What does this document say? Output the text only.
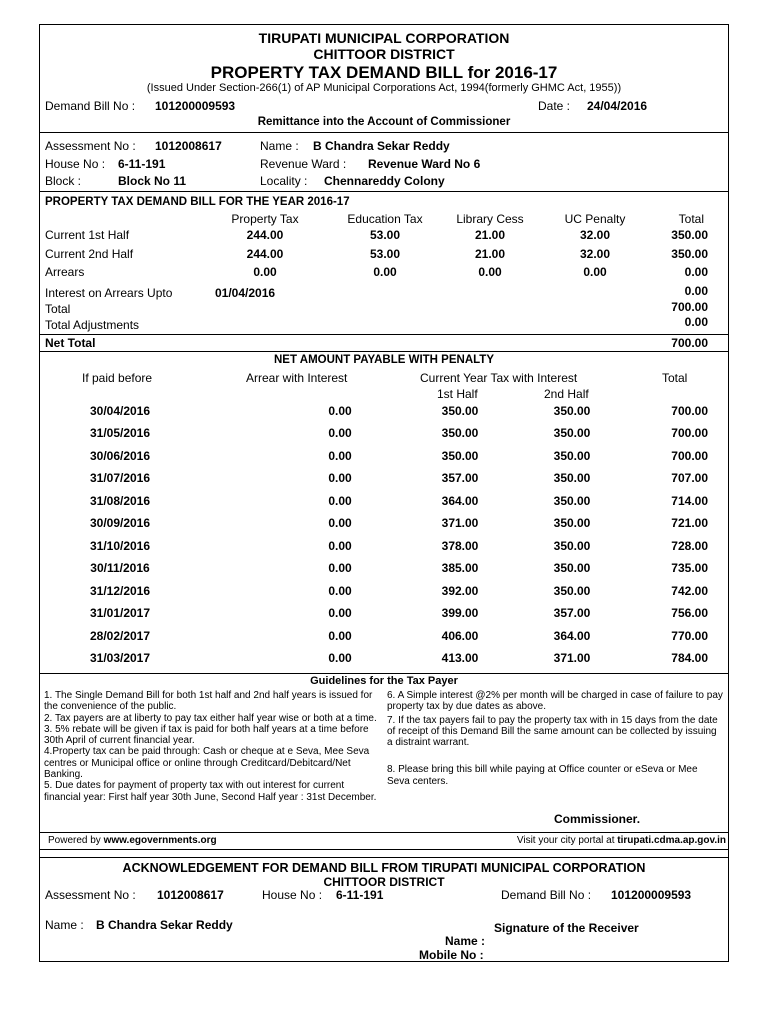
TIRUPATI MUNICIPAL CORPORATION
CHITTOOR DISTRICT
PROPERTY TAX DEMAND BILL for 2016-17
(Issued Under Section-266(1) of AP Municipal Corporations Act, 1994(formerly GHMC Act, 1955))
Demand Bill No : 101200009593	Date : 24/04/2016
Remittance into the Account of Commissioner
Assessment No : 1012008617	Name : B Chandra Sekar Reddy
House No : 6-11-191	Revenue Ward : Revenue Ward No 6
Block :	Block No 11	Locality : Chennareddy Colony
PROPERTY TAX DEMAND BILL FOR THE YEAR 2016-17
Property Tax	Education Tax	Library Cess	UC Penalty	Total
Current 1st Half	244.00	53.00	21.00	32.00	350.00
Current 2nd Half	244.00	53.00	21.00	32.00	350.00
Arrears	0.00	0.00	0.00	0.00	0.00
Interest on Arrears Upto	01/04/2016	0.00
Total	700.00
Total Adjustments	0.00
Net Total	700.00
NET AMOUNT PAYABLE WITH PENALTY
If paid before	Arrear with Interest	Current Year Tax with Interest	Total
1st Half	2nd Half
30/04/2016	0.00	350.00	350.00	700.00
31/05/2016	0.00	350.00	350.00	700.00
30/06/2016	0.00	350.00	350.00	700.00
31/07/2016	0.00	357.00	350.00	707.00
31/08/2016	0.00	364.00	350.00	714.00
30/09/2016	0.00	371.00	350.00	721.00
31/10/2016	0.00	378.00	350.00	728.00
30/11/2016	0.00	385.00	350.00	735.00
31/12/2016	0.00	392.00	350.00	742.00
31/01/2017	0.00	399.00	357.00	756.00
28/02/2017	0.00	406.00	364.00	770.00
31/03/2017	0.00	413.00	371.00	784.00
Guidelines for the Tax Payer
1. The Single Demand Bill for both 1st half and 2nd half years is issued for the convenience of the public.
2. Tax payers are at liberty to pay tax either half year wise or both at a time.
3. 5% rebate will be given if tax is paid for both half years at a time before 30th April of current financial year.
4.Property tax can be paid through: Cash or cheque at e Seva, Mee Seva centres or Municipal office or online through Creditcard/Debitcard/Net Banking.
5. Due dates for payment of property tax with out interest for current financial year: First half year 30th June, Second Half year : 31st December.
6. A Simple interest @2% per month will be charged in case of failure to pay property tax by due dates as above.
7. If the tax payers fail to pay the property tax with in 15 days from the date of receipt of this Demand Bill the same amount can be collected by issuing a distraint warrant.
8. Please bring this bill while paying at Office counter or eSeva or Mee Seva centers.
Commissioner.
Powered by www.egovernments.org	Visit your city portal at tirupati.cdma.ap.gov.in
ACKNOWLEDGEMENT FOR DEMAND BILL FROM TIRUPATI MUNICIPAL CORPORATION
CHITTOOR DISTRICT
Assessment No : 1012008617	House No : 6-11-191	Demand Bill No : 101200009593
Name : B Chandra Sekar Reddy	Signature of the Receiver
Name :
Mobile No :
